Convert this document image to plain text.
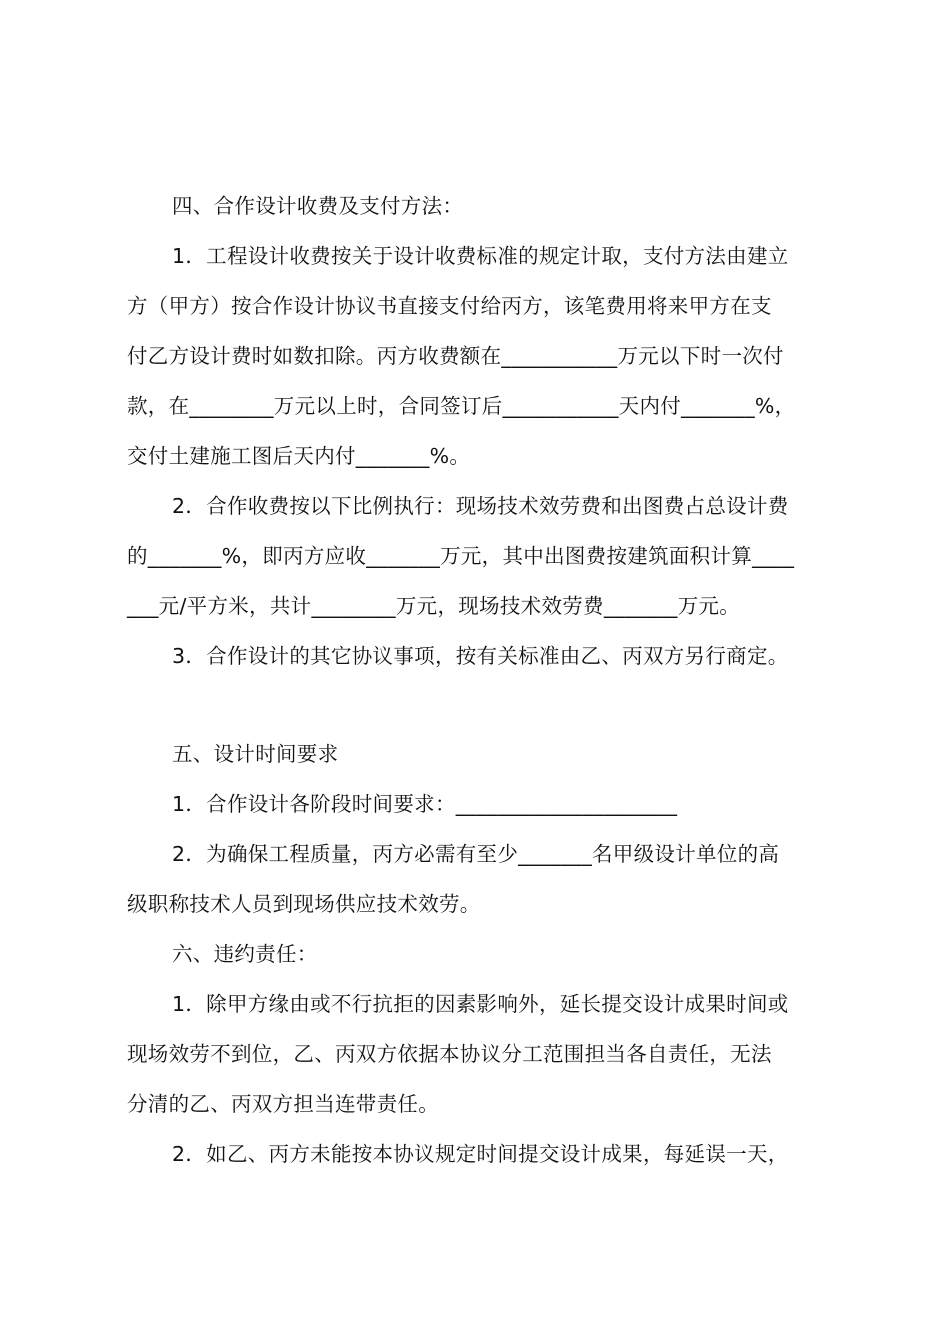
四、合作设计收费及支付方法：
1．工程设计收费按关于设计收费标准的规定计取，支付方法由建立
方（甲方）按合作设计协议书直接支付给丙方，该笔费用将来甲方在支
付乙方设计费时如数扣除。丙方收费额在___________万元以下时一次付
款，在________万元以上时，合同签订后___________天内付_______%，
交付土建施工图后天内付_______%。
2．合作收费按以下比例执行：现场技术效劳费和出图费占总设计费
的_______%，即丙方应收_______万元，其中出图费按建筑面积计算____
___元/平方米，共计________万元，现场技术效劳费_______万元。
3．合作设计的其它协议事项，按有关标准由乙、丙双方另行商定。
五、设计时间要求
1．合作设计各阶段时间要求：_____________________
2．为确保工程质量，丙方必需有至少_______名甲级设计单位的高
级职称技术人员到现场供应技术效劳。
六、违约责任：
1．除甲方缘由或不行抗拒的因素影响外，延长提交设计成果时间或
现场效劳不到位，乙、丙双方依据本协议分工范围担当各自责任，无法
分清的乙、丙双方担当连带责任。
2．如乙、丙方未能按本协议规定时间提交设计成果，每延误一天，
